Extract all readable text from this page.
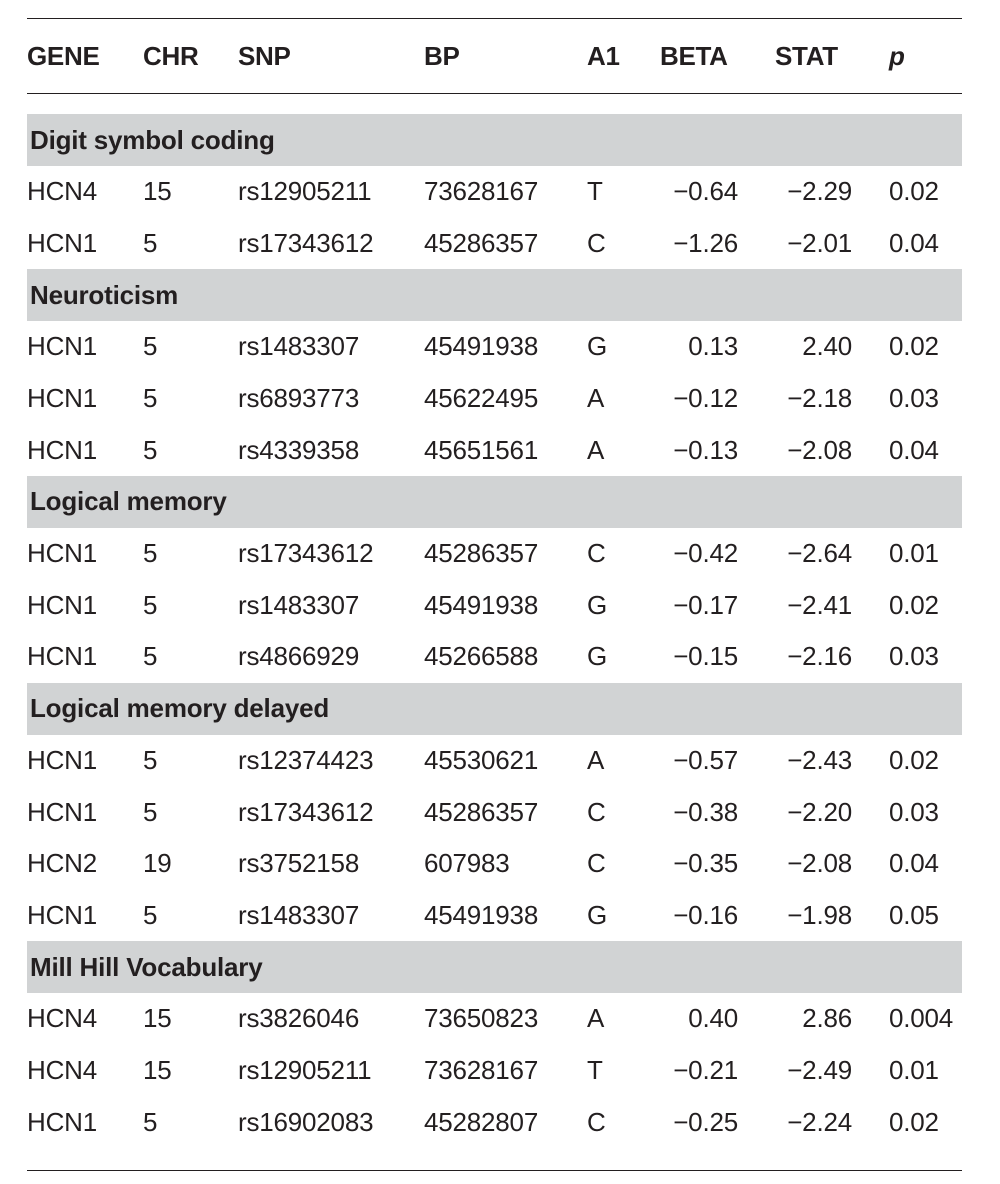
GENE CHR SNP	BP	A1 BETA STAT p
Digit symbol coding
HCN4 15	rs12905211 73628167 T	−0.64 −2.29 0.02
HCN1 5	rs17343612 45286357 C	−1.26 −2.01 0.04
Neuroticism
HCN1 5	rs1483307 45491938 G	0.13 2.40 0.02
HCN1 5	rs6893773 45622495 A	−0.12 −2.18 0.03
HCN1 5	rs4339358 45651561 A	−0.13 −2.08 0.04
Logical memory
HCN1 5	rs17343612 45286357 C	−0.42 −2.64 0.01
HCN1 5	rs1483307 45491938 G	−0.17 −2.41 0.02
HCN1 5	rs4866929 45266588 G	−0.15 −2.16 0.03
Logical memory delayed
HCN1 5	rs12374423 45530621 A	−0.57 −2.43 0.02
HCN1 5	rs17343612 45286357 C	−0.38 −2.20 0.03
HCN2 19	rs3752158 607983	C	−0.35 −2.08 0.04
HCN1 5	rs1483307 45491938 G	−0.16 −1.98 0.05
Mill Hill Vocabulary
HCN4 15	rs3826046 73650823 A	0.40 2.86 0.004
HCN4 15	rs12905211 73628167 T	−0.21 −2.49 0.01
HCN1 5	rs16902083 45282807 C	−0.25 −2.24 0.02
